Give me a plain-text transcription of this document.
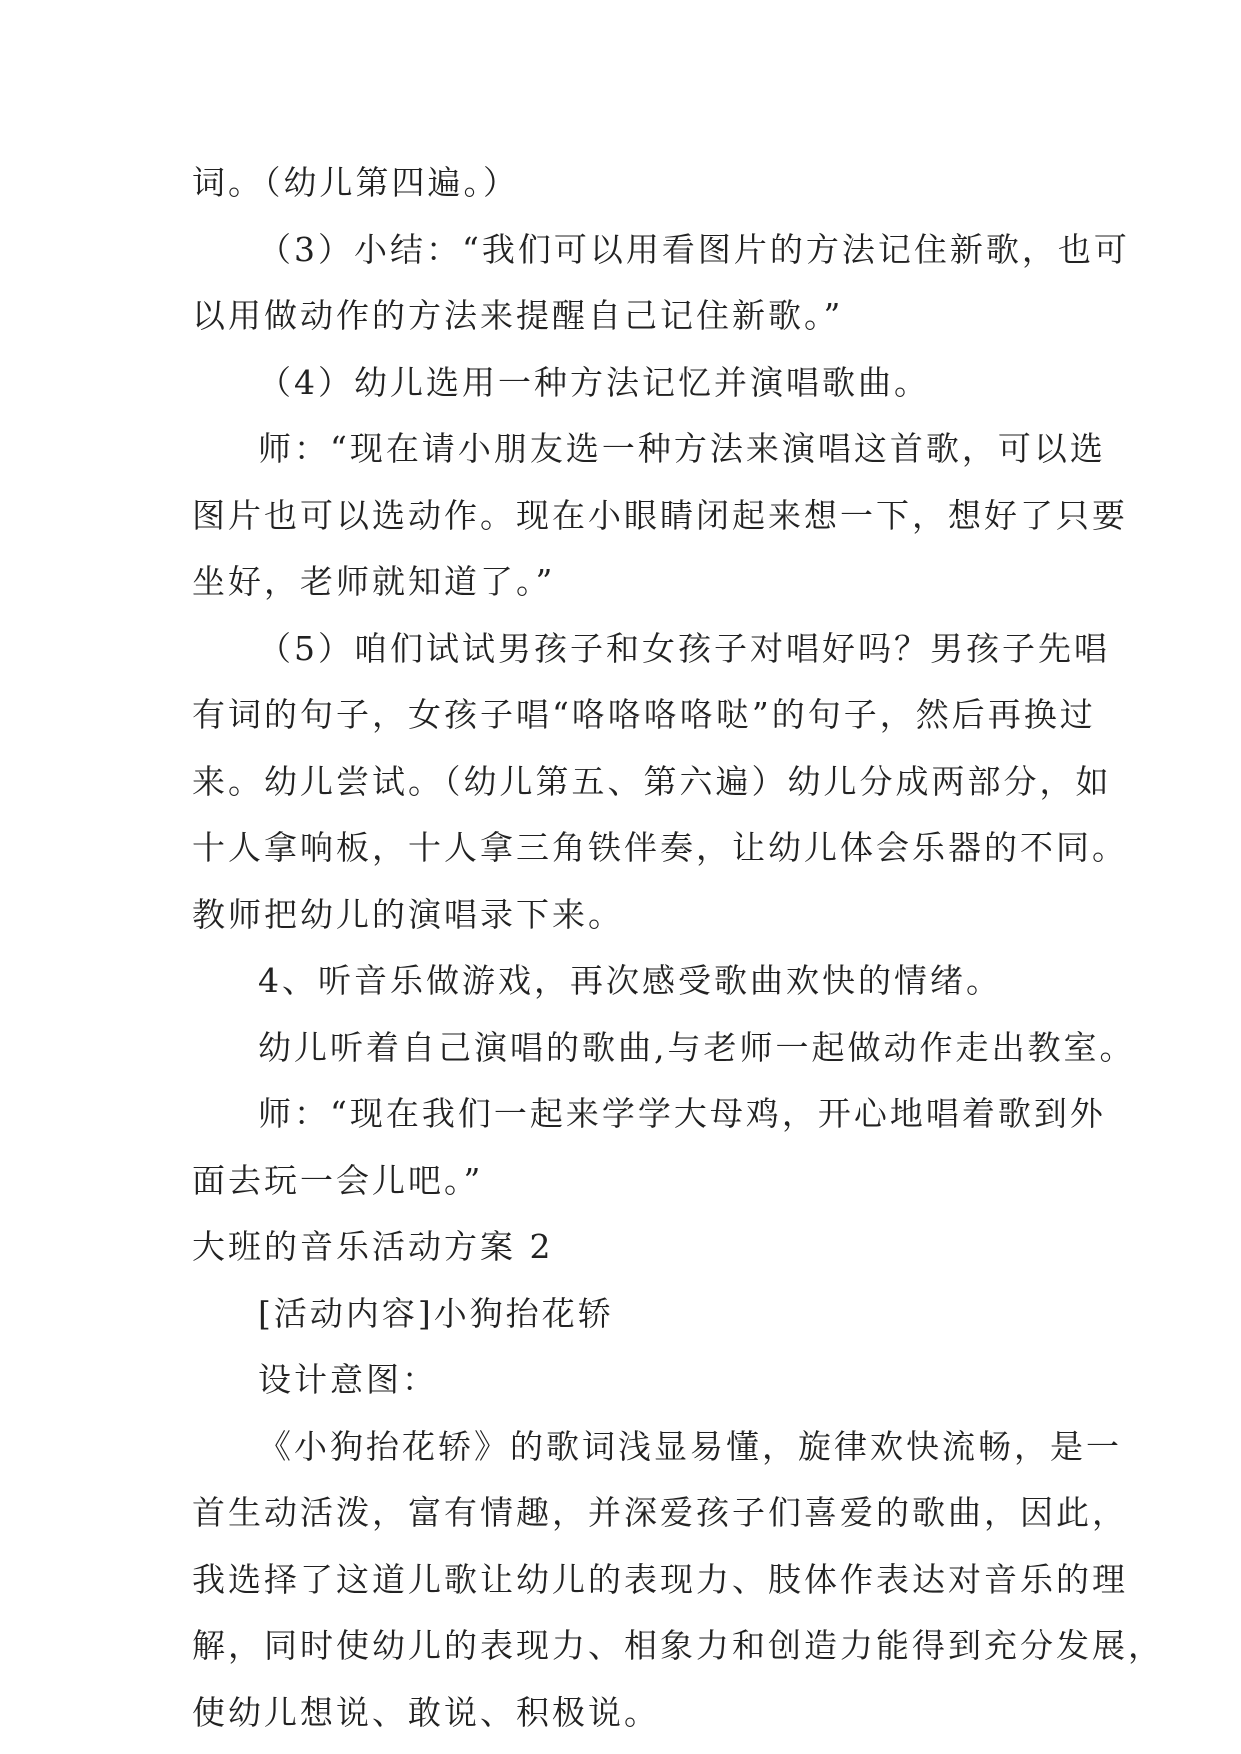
词。（幼儿第四遍。）
（3）小结：“我们可以用看图片的方法记住新歌，也可
以用做动作的方法来提醒自己记住新歌。”
（4）幼儿选用一种方法记忆并演唱歌曲。
师：“现在请小朋友选一种方法来演唱这首歌，可以选
图片也可以选动作。现在小眼睛闭起来想一下，想好了只要
坐好，老师就知道了。”
（5）咱们试试男孩子和女孩子对唱好吗？男孩子先唱
有词的句子，女孩子唱“咯咯咯咯哒”的句子，然后再换过
来。幼儿尝试。（幼儿第五、第六遍）幼儿分成两部分，如
十人拿响板，十人拿三角铁伴奏，让幼儿体会乐器的不同。
教师把幼儿的演唱录下来。
4、听音乐做游戏，再次感受歌曲欢快的情绪。
幼儿听着自己演唱的歌曲,与老师一起做动作走出教室。
师：“现在我们一起来学学大母鸡，开心地唱着歌到外
面去玩一会儿吧。”
大班的音乐活动方案 2
[活动内容]小狗抬花轿
设计意图：
《小狗抬花轿》的歌词浅显易懂，旋律欢快流畅，是一
首生动活泼，富有情趣，并深爱孩子们喜爱的歌曲，因此，
我选择了这道儿歌让幼儿的表现力、肢体作表达对音乐的理
解，同时使幼儿的表现力、相象力和创造力能得到充分发展，
使幼儿想说、敢说、积极说。
